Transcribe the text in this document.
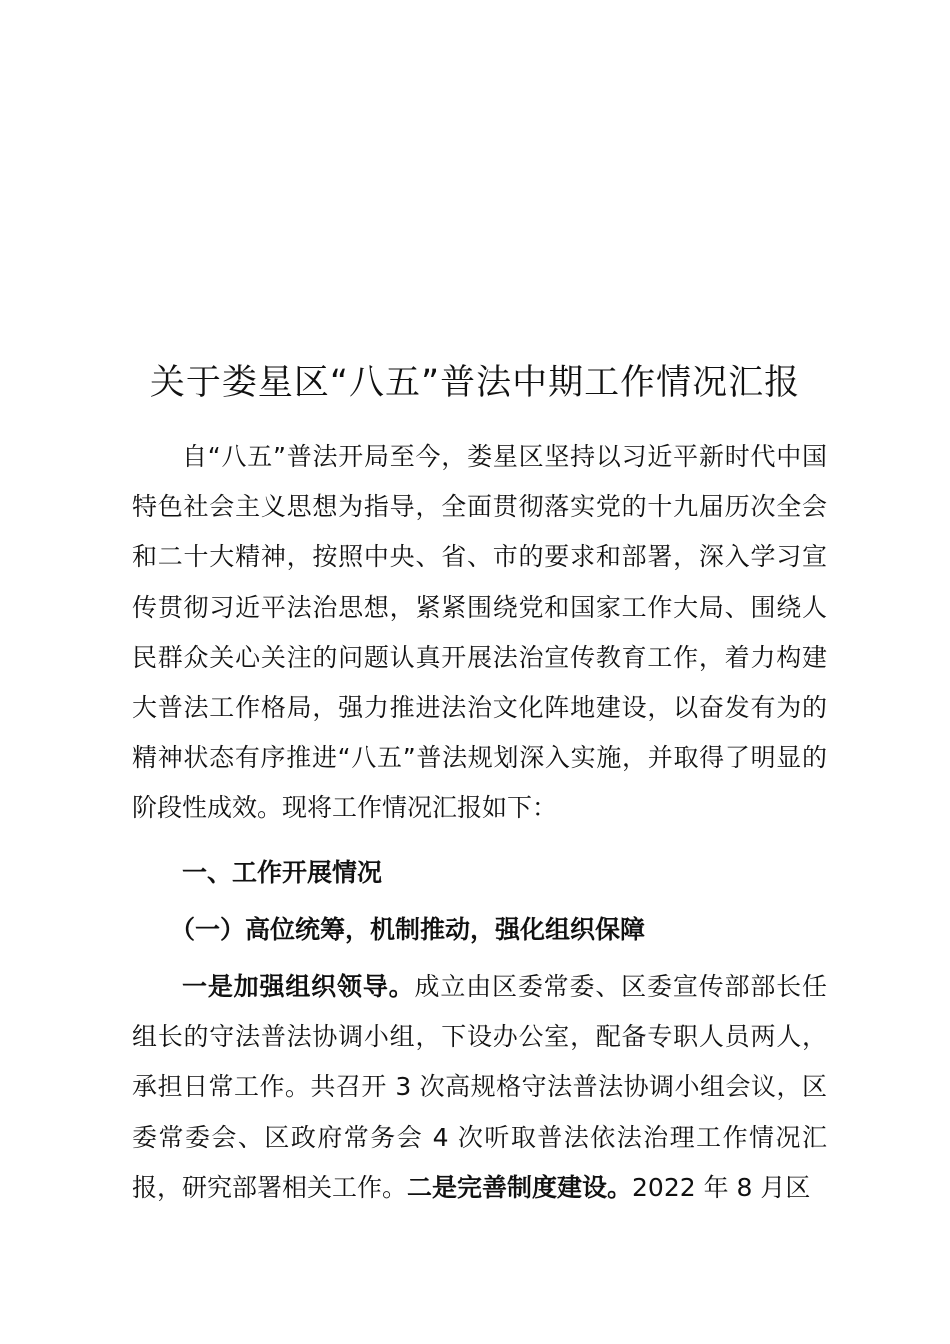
关于娄星区“八五”普法中期工作情况汇报

自“八五”普法开局至今，娄星区坚持以习近平新时代中国特色社会主义思想为指导，全面贯彻落实党的十九届历次全会和二十大精神，按照中央、省、市的要求和部署，深入学习宣传贯彻习近平法治思想，紧紧围绕党和国家工作大局、围绕人民群众关心关注的问题认真开展法治宣传教育工作，着力构建大普法工作格局，强力推进法治文化阵地建设，以奋发有为的精神状态有序推进“八五”普法规划深入实施，并取得了明显的阶段性成效。现将工作情况汇报如下：

一、工作开展情况

（一）高位统筹，机制推动，强化组织保障

一是加强组织领导。成立由区委常委、区委宣传部部长任组长的守法普法协调小组，下设办公室，配备专职人员两人，承担日常工作。共召开 3 次高规格守法普法协调小组会议，区委常委会、区政府常务会 4 次听取普法依法治理工作情况汇报，研究部署相关工作。二是完善制度建设。2022 年 8 月区
